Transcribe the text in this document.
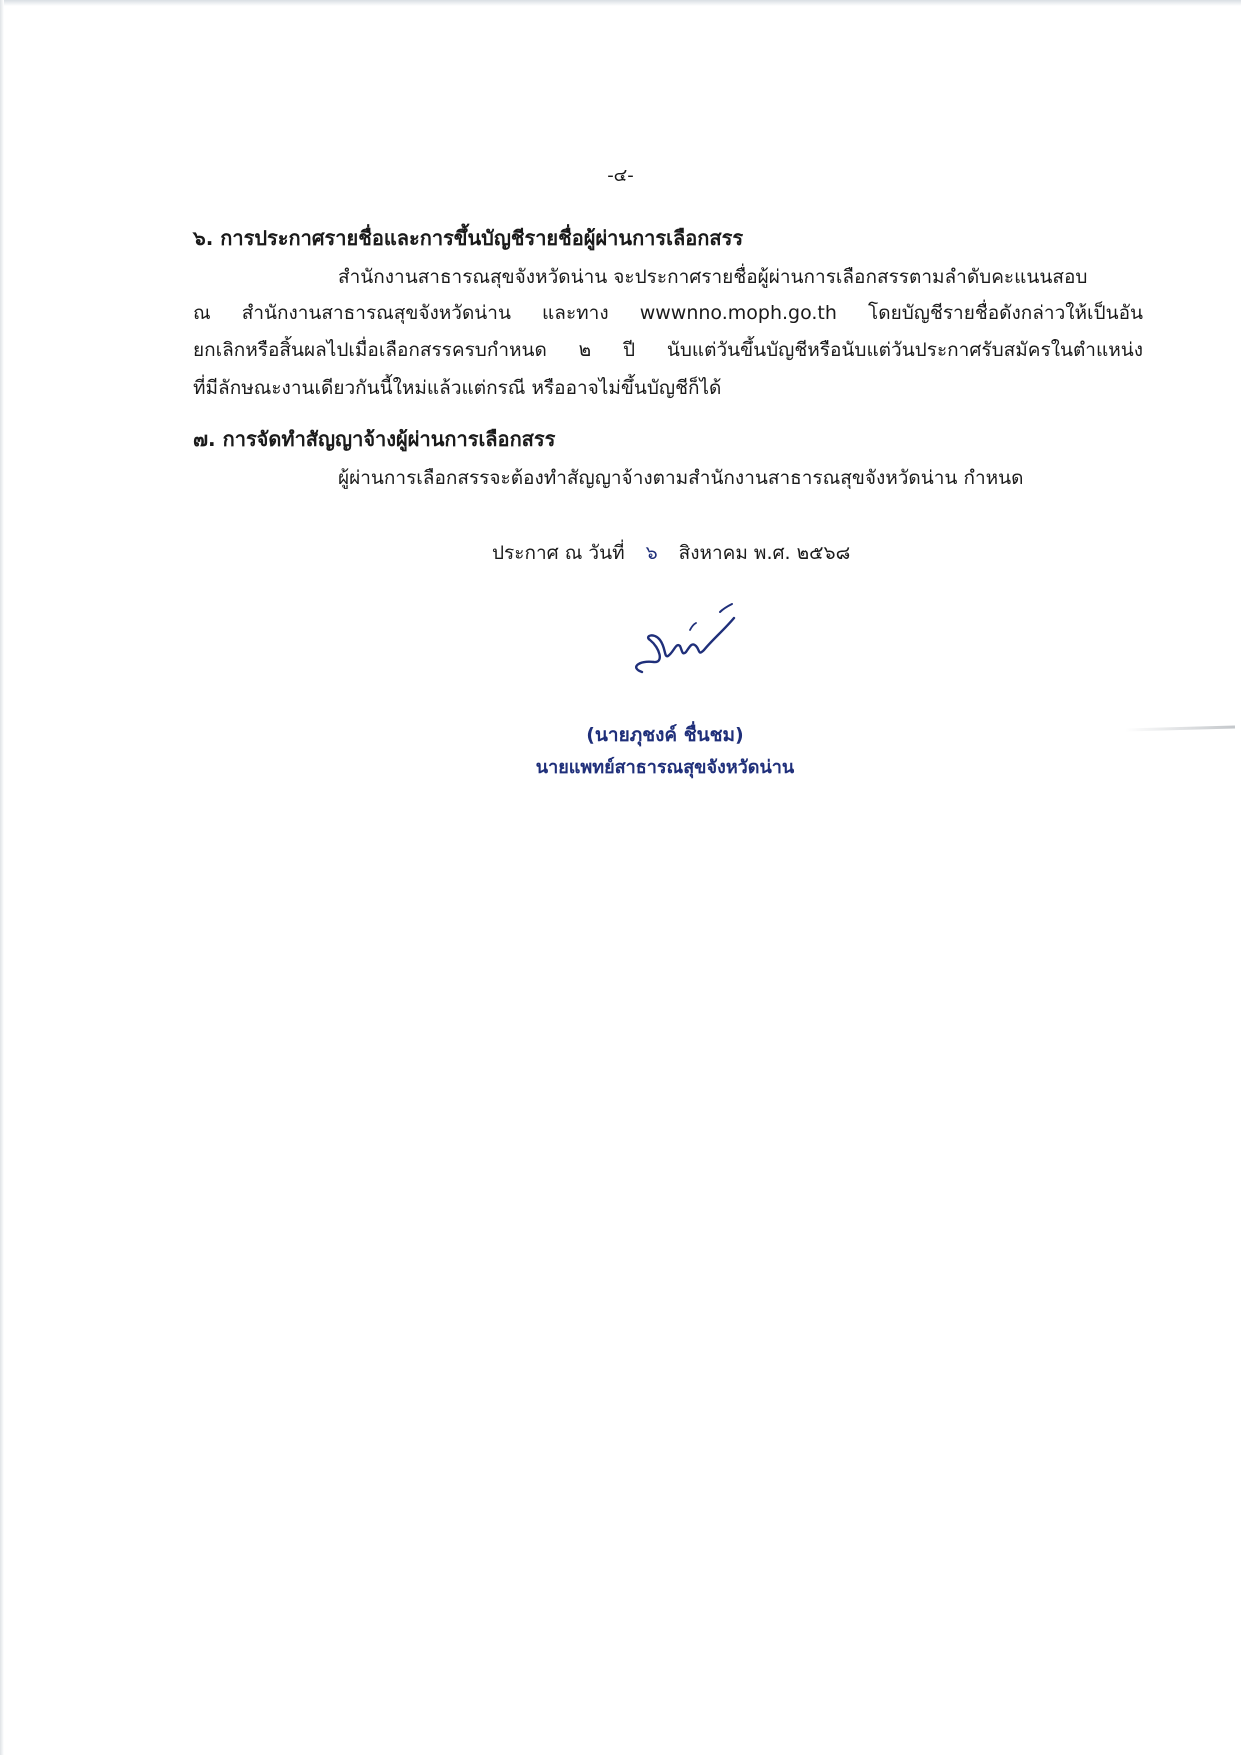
-๔-
๖. การประกาศรายชื่อและการขึ้นบัญชีรายชื่อผู้ผ่านการเลือกสรร
สำนักงานสาธารณสุขจังหวัดน่าน จะประกาศรายชื่อผู้ผ่านการเลือกสรรตามลำดับคะแนนสอบ
ณ สำนักงานสาธารณสุขจังหวัดน่าน และทาง wwwnno.moph.go.th โดยบัญชีรายชื่อดังกล่าวให้เป็นอัน
ยกเลิกหรือสิ้นผลไปเมื่อเลือกสรรครบกำหนด ๒ ปี นับแต่วันขึ้นบัญชีหรือนับแต่วันประกาศรับสมัครในตำแหน่ง
ที่มีลักษณะงานเดียวกันนี้ใหม่แล้วแต่กรณี หรืออาจไม่ขึ้นบัญชีก็ได้
๗. การจัดทำสัญญาจ้างผู้ผ่านการเลือกสรร
ผู้ผ่านการเลือกสรรจะต้องทำสัญญาจ้างตามสำนักงานสาธารณสุขจังหวัดน่าน กำหนด
ประกาศ ณ วันที่ ๖ สิงหาคม พ.ศ. ๒๕๖๘
(นายภุชงค์ ชื่นชม)
นายแพทย์สาธารณสุขจังหวัดน่าน
